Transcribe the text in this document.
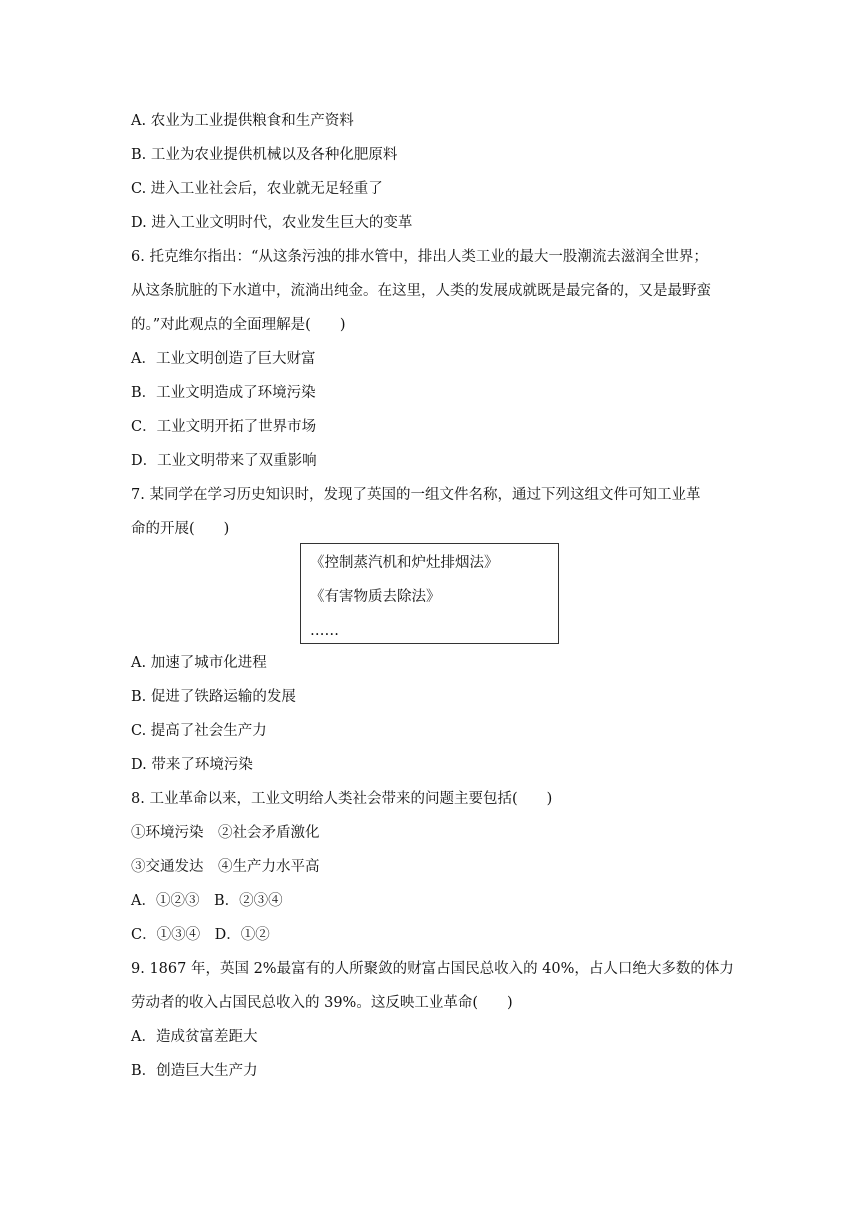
A. 农业为工业提供粮食和生产资料
B. 工业为农业提供机械以及各种化肥原料
C. 进入工业社会后，农业就无足轻重了
D. 进入工业文明时代，农业发生巨大的变革
6. 托克维尔指出：“从这条污浊的排水管中，排出人类工业的最大一股潮流去滋润全世界；
从这条肮脏的下水道中，流淌出纯金。在这里，人类的发展成就既是最完备的，又是最野蛮
的。”对此观点的全面理解是(　　)
A．工业文明创造了巨大财富
B．工业文明造成了环境污染
C．工业文明开拓了世界市场
D．工业文明带来了双重影响
7. 某同学在学习历史知识时，发现了英国的一组文件名称，通过下列这组文件可知工业革
命的开展(　　)
《控制蒸汽机和炉灶排烟法》
《有害物质去除法》
……
A. 加速了城市化进程
B. 促进了铁路运输的发展
C. 提高了社会生产力
D. 带来了环境污染
8. 工业革命以来，工业文明给人类社会带来的问题主要包括(　　)
①环境污染　②社会矛盾激化
③交通发达　④生产力水平高
A．①②③　B．②③④
C．①③④　D．①②
9. 1867 年，英国 2%最富有的人所聚敛的财富占国民总收入的 40%，占人口绝大多数的体力
劳动者的收入占国民总收入的 39%。这反映工业革命(　　)
A．造成贫富差距大
B．创造巨大生产力
